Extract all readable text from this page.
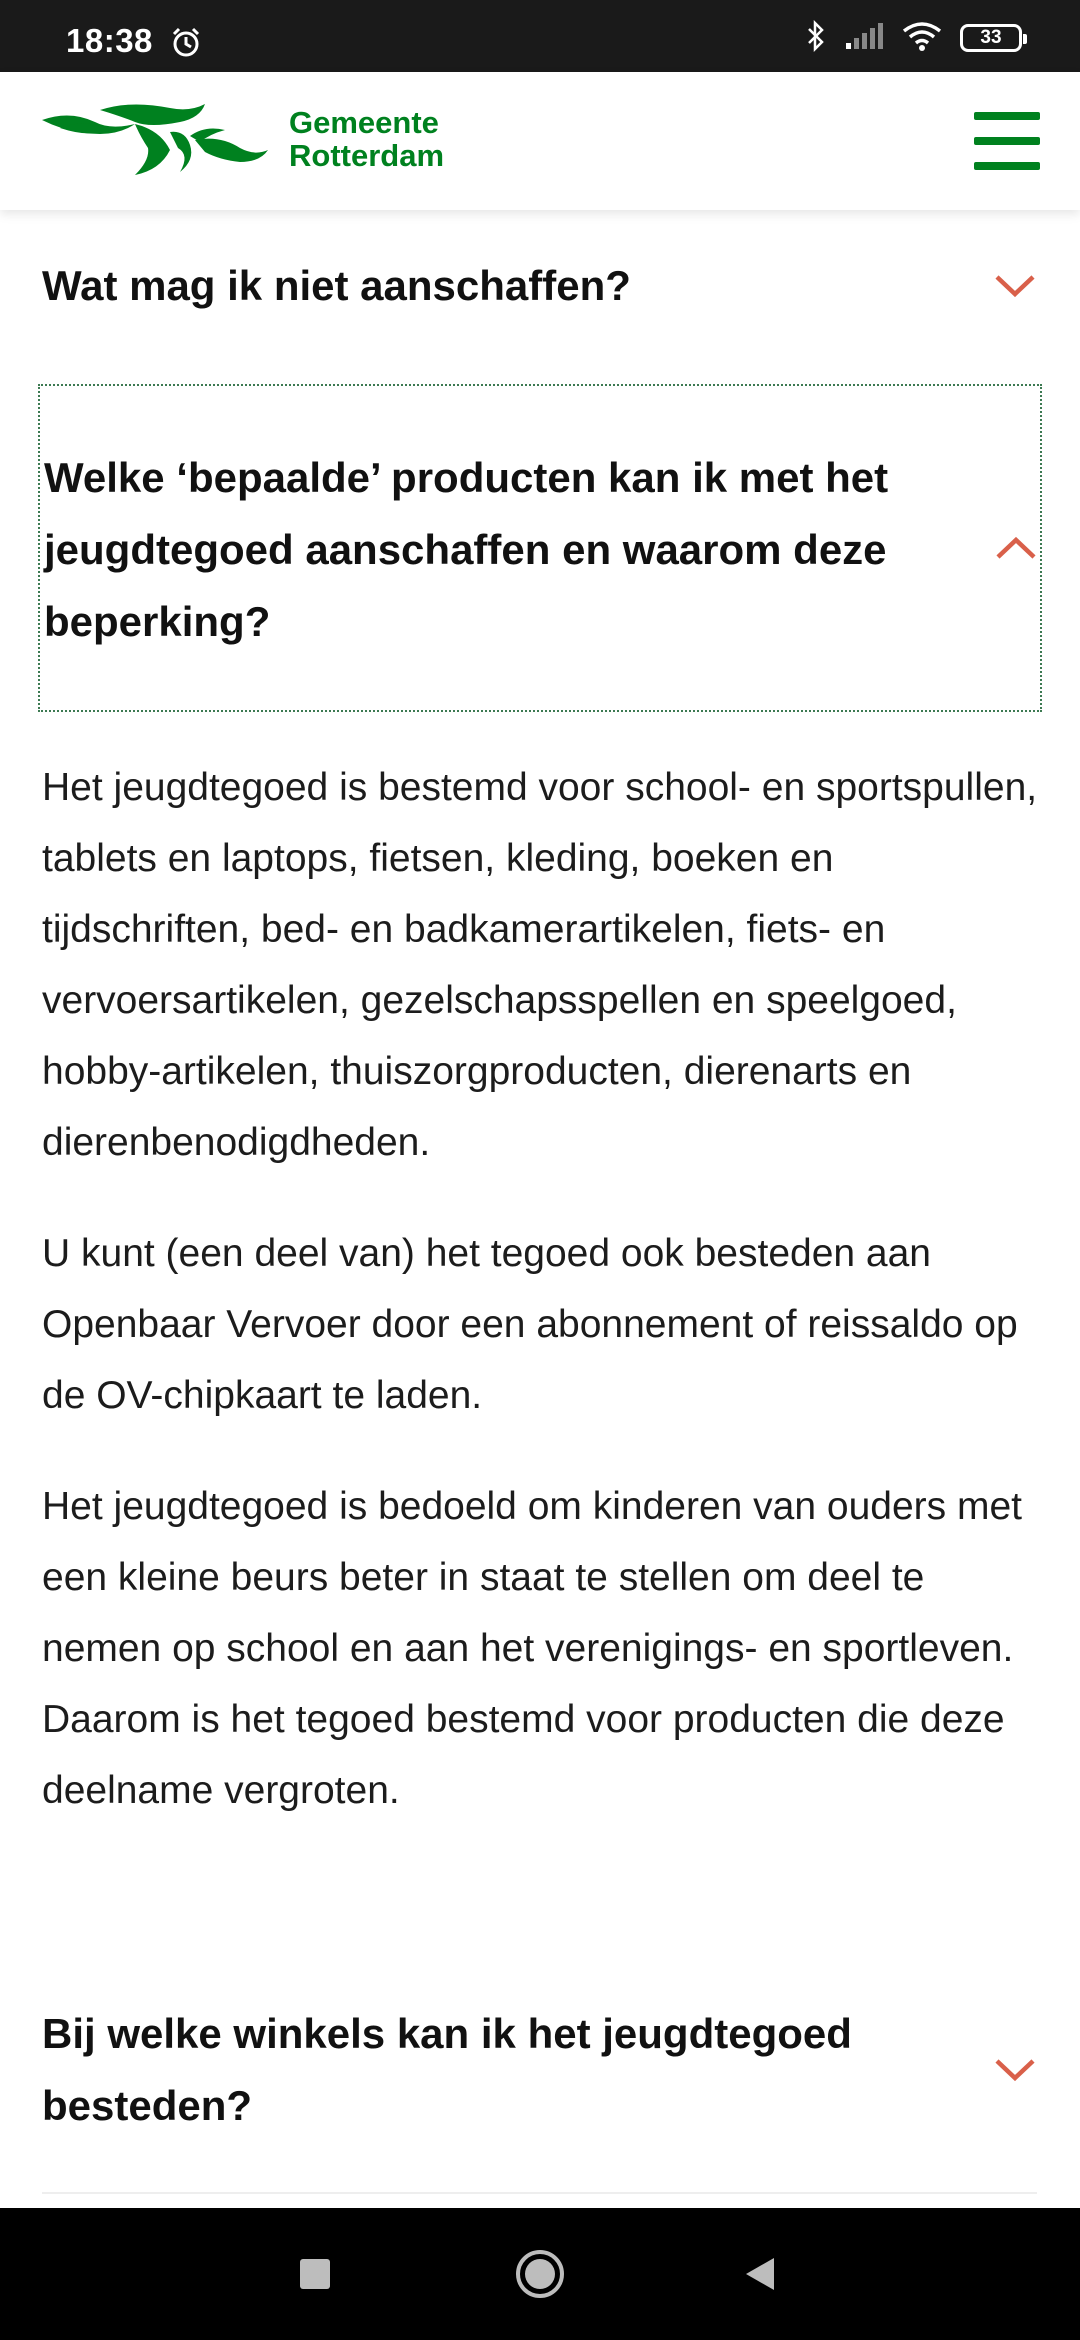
18:38	33
Gemeente
Rotterdam
Wat mag ik niet aanschaffen?
Welke ‘bepaalde’ producten kan ik met het jeugdtegoed aanschaffen en waarom deze beperking?

Het jeugdtegoed is bestemd voor school- en sportspullen, tablets en laptops, fietsen, kleding, boeken en tijdschriften, bed- en badkamerartikelen, fiets- en vervoersartikelen, gezelschapsspellen en speelgoed, hobby-artikelen, thuiszorgproducten, dierenarts en dierenbenodigdheden.

U kunt (een deel van) het tegoed ook besteden aan Openbaar Vervoer door een abonnement of reissaldo op de OV-chipkaart te laden.

Het jeugdtegoed is bedoeld om kinderen van ouders met een kleine beurs beter in staat te stellen om deel te nemen op school en aan het verenigings- en sportleven. Daarom is het tegoed bestemd voor producten die deze deelname vergroten.

Bij welke winkels kan ik het jeugdtegoed besteden?
